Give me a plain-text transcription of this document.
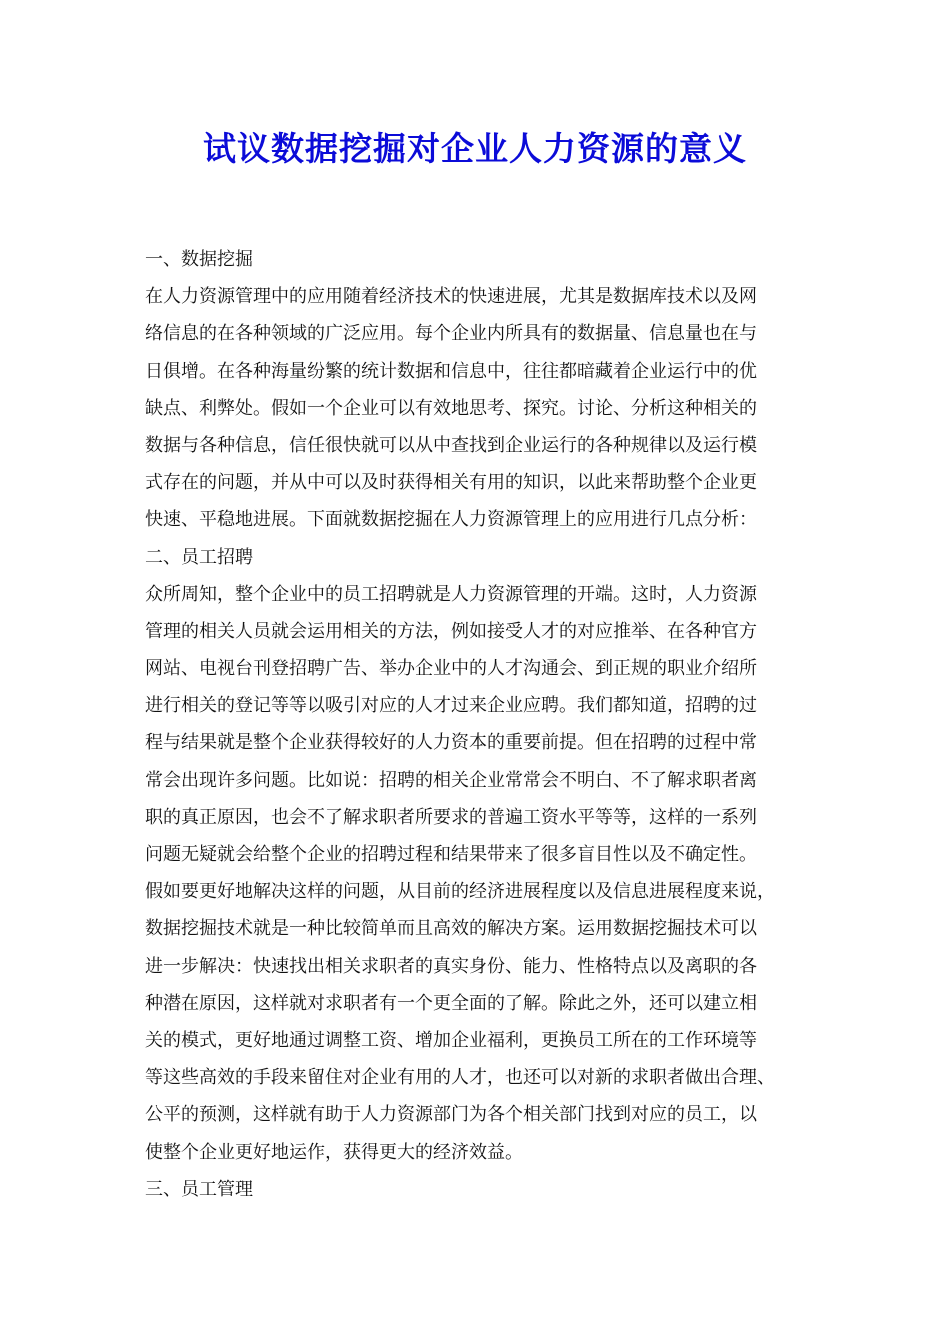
试议数据挖掘对企业人力资源的意义
一、数据挖掘
在人力资源管理中的应用随着经济技术的快速进展，尤其是数据库技术以及网
络信息的在各种领域的广泛应用。每个企业内所具有的数据量、信息量也在与
日俱增。在各种海量纷繁的统计数据和信息中，往往都暗藏着企业运行中的优
缺点、利弊处。假如一个企业可以有效地思考、探究。讨论、分析这种相关的
数据与各种信息，信任很快就可以从中查找到企业运行的各种规律以及运行模
式存在的问题，并从中可以及时获得相关有用的知识，以此来帮助整个企业更
快速、平稳地进展。下面就数据挖掘在人力资源管理上的应用进行几点分析：
二、员工招聘
众所周知，整个企业中的员工招聘就是人力资源管理的开端。这时，人力资源
管理的相关人员就会运用相关的方法，例如接受人才的对应推举、在各种官方
网站、电视台刊登招聘广告、举办企业中的人才沟通会、到正规的职业介绍所
进行相关的登记等等以吸引对应的人才过来企业应聘。我们都知道，招聘的过
程与结果就是整个企业获得较好的人力资本的重要前提。但在招聘的过程中常
常会出现许多问题。比如说：招聘的相关企业常常会不明白、不了解求职者离
职的真正原因，也会不了解求职者所要求的普遍工资水平等等，这样的一系列
问题无疑就会给整个企业的招聘过程和结果带来了很多盲目性以及不确定性。
假如要更好地解决这样的问题，从目前的经济进展程度以及信息进展程度来说，
数据挖掘技术就是一种比较简单而且高效的解决方案。运用数据挖掘技术可以
进一步解决：快速找出相关求职者的真实身份、能力、性格特点以及离职的各
种潜在原因，这样就对求职者有一个更全面的了解。除此之外，还可以建立相
关的模式，更好地通过调整工资、增加企业福利，更换员工所在的工作环境等
等这些高效的手段来留住对企业有用的人才，也还可以对新的求职者做出合理、
公平的预测，这样就有助于人力资源部门为各个相关部门找到对应的员工，以
使整个企业更好地运作，获得更大的经济效益。
三、员工管理
